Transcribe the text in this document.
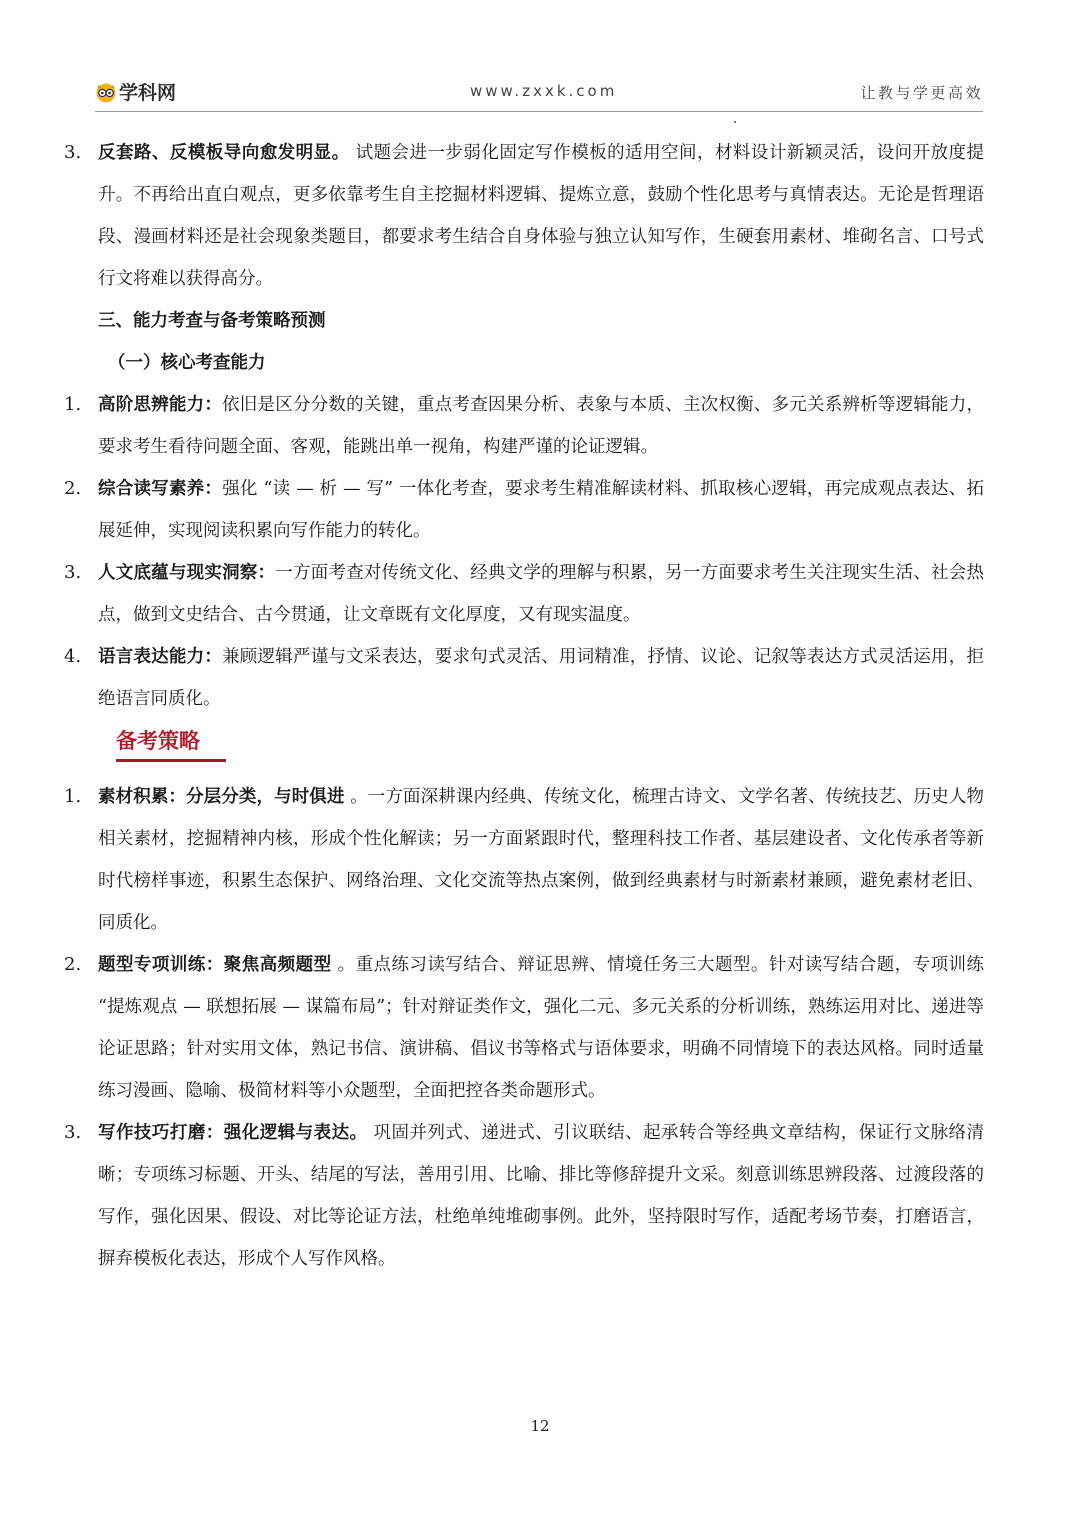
学科网	www.zxxk.com	让教与学更高效

3. 反套路、反模板导向愈发明显。 试题会进一步弱化固定写作模板的适用空间，材料设计新颖灵活，设问开放度提升。不再给出直白观点，更多依靠考生自主挖掘材料逻辑、提炼立意，鼓励个性化思考与真情表达。无论是哲理语段、漫画材料还是社会现象类题目，都要求考生结合自身体验与独立认知写作，生硬套用素材、堆砌名言、口号式行文将难以获得高分。

三、能力考查与备考策略预测

（一）核心考查能力

1. 高阶思辨能力：依旧是区分分数的关键，重点考查因果分析、表象与本质、主次权衡、多元关系辨析等逻辑能力，要求考生看待问题全面、客观，能跳出单一视角，构建严谨的论证逻辑。

2. 综合读写素养：强化 “读 — 析 — 写” 一体化考查，要求考生精准解读材料、抓取核心逻辑，再完成观点表达、拓展延伸，实现阅读积累向写作能力的转化。

3. 人文底蕴与现实洞察：一方面考查对传统文化、经典文学的理解与积累，另一方面要求考生关注现实生活、社会热点，做到文史结合、古今贯通，让文章既有文化厚度，又有现实温度。

4. 语言表达能力：兼顾逻辑严谨与文采表达，要求句式灵活、用词精准，抒情、议论、记叙等表达方式灵活运用，拒绝语言同质化。

备考策略

1. 素材积累：分层分类，与时俱进 。一方面深耕课内经典、传统文化，梳理古诗文、文学名著、传统技艺、历史人物相关素材，挖掘精神内核，形成个性化解读；另一方面紧跟时代，整理科技工作者、基层建设者、文化传承者等新时代榜样事迹，积累生态保护、网络治理、文化交流等热点案例，做到经典素材与时新素材兼顾，避免素材老旧、同质化。

2. 题型专项训练：聚焦高频题型 。重点练习读写结合、辩证思辨、情境任务三大题型。针对读写结合题，专项训练 “提炼观点 — 联想拓展 — 谋篇布局”；针对辩证类作文，强化二元、多元关系的分析训练，熟练运用对比、递进等论证思路；针对实用文体，熟记书信、演讲稿、倡议书等格式与语体要求，明确不同情境下的表达风格。同时适量练习漫画、隐喻、极简材料等小众题型，全面把控各类命题形式。

3. 写作技巧打磨：强化逻辑与表达。 巩固并列式、递进式、引议联结、起承转合等经典文章结构，保证行文脉络清晰；专项练习标题、开头、结尾的写法，善用引用、比喻、排比等修辞提升文采。刻意训练思辨段落、过渡段落的写作，强化因果、假设、对比等论证方法，杜绝单纯堆砌事例。此外，坚持限时写作，适配考场节奏，打磨语言，摒弃模板化表达，形成个人写作风格。

12
